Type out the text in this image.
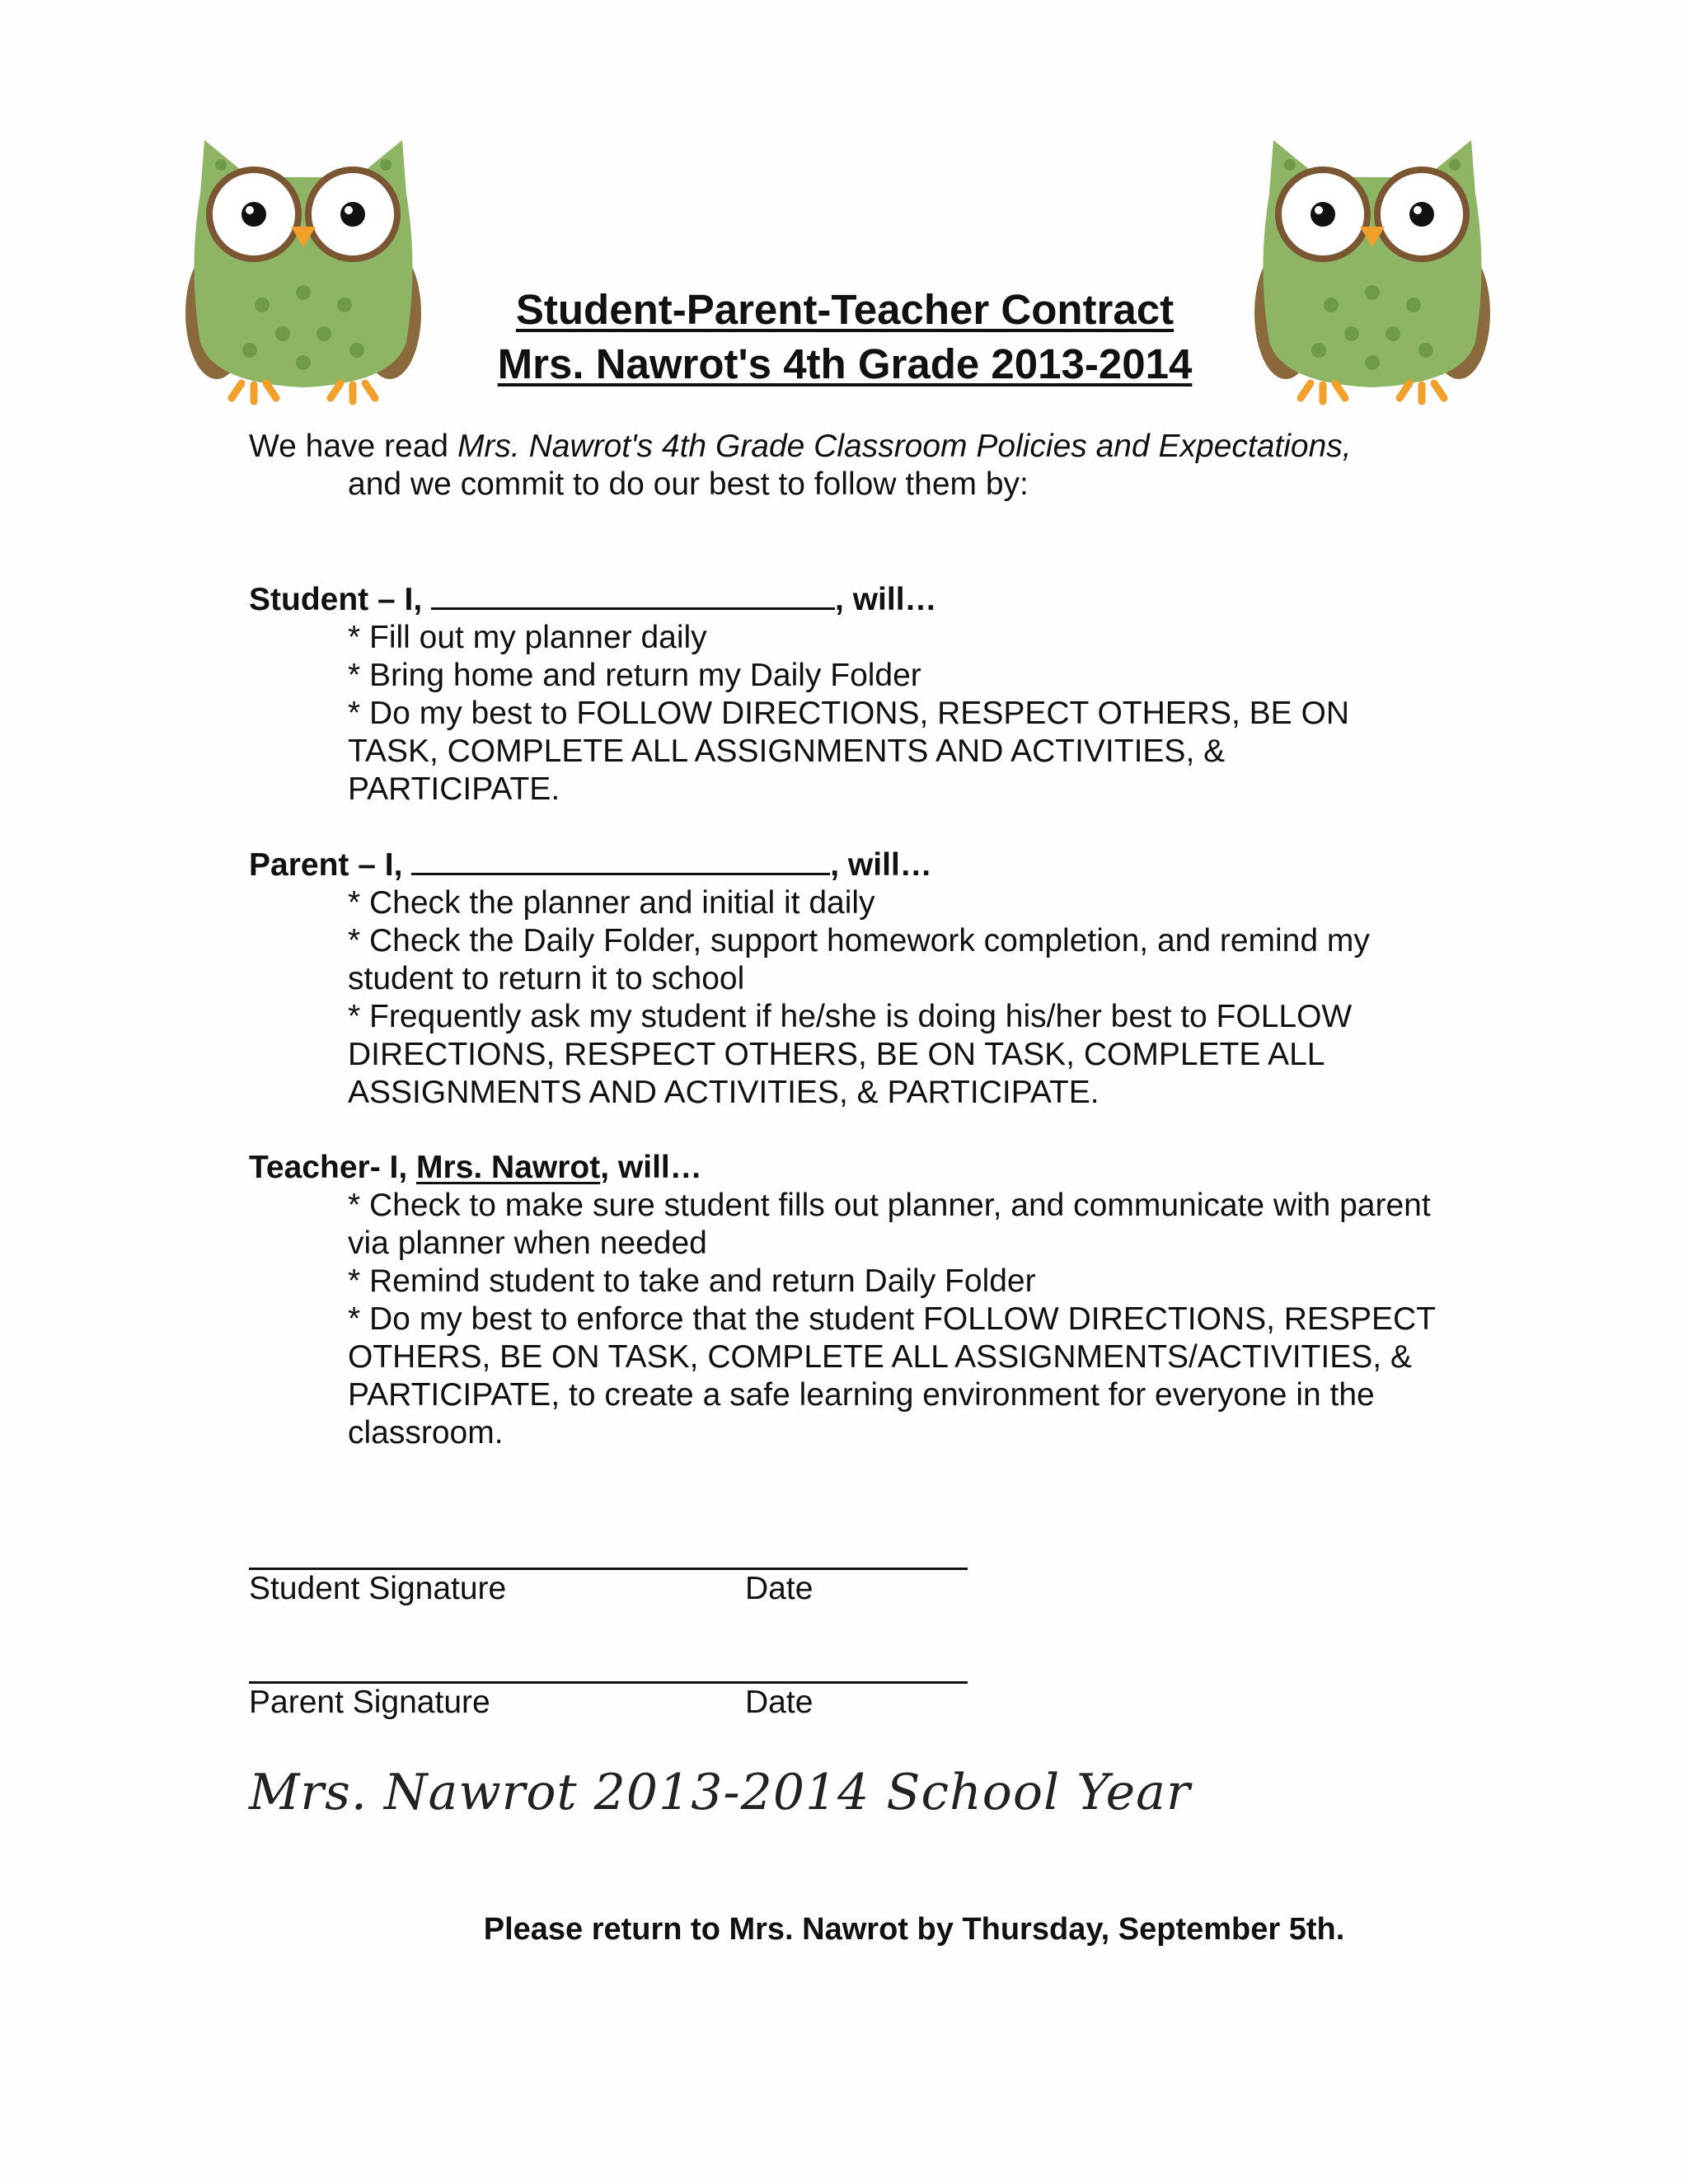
Student-Parent-Teacher Contract
Mrs. Nawrot's 4th Grade 2013-2014
We have read Mrs. Nawrot's 4th Grade Classroom Policies and Expectations,
and we commit to do our best to follow them by:
Student – I,	, will…
* Fill out my planner daily
* Bring home and return my Daily Folder
* Do my best to FOLLOW DIRECTIONS, RESPECT OTHERS, BE ON TASK, COMPLETE ALL ASSIGNMENTS AND ACTIVITIES, & PARTICIPATE.
Parent – I,	, will…
* Check the planner and initial it daily
* Check the Daily Folder, support homework completion, and remind my student to return it to school
* Frequently ask my student if he/she is doing his/her best to FOLLOW DIRECTIONS, RESPECT OTHERS, BE ON TASK, COMPLETE ALL ASSIGNMENTS AND ACTIVITIES, & PARTICIPATE.
Teacher- I, Mrs. Nawrot, will…
* Check to make sure student fills out planner, and communicate with parent via planner when needed
* Remind student to take and return Daily Folder
* Do my best to enforce that the student FOLLOW DIRECTIONS, RESPECT OTHERS, BE ON TASK, COMPLETE ALL ASSIGNMENTS/ACTIVITIES, & PARTICIPATE, to create a safe learning environment for everyone in the classroom.
Student Signature	Date
Parent Signature	Date
Mrs. Nawrot 2013-2014 School Year
Please return to Mrs. Nawrot by Thursday, September 5th.
